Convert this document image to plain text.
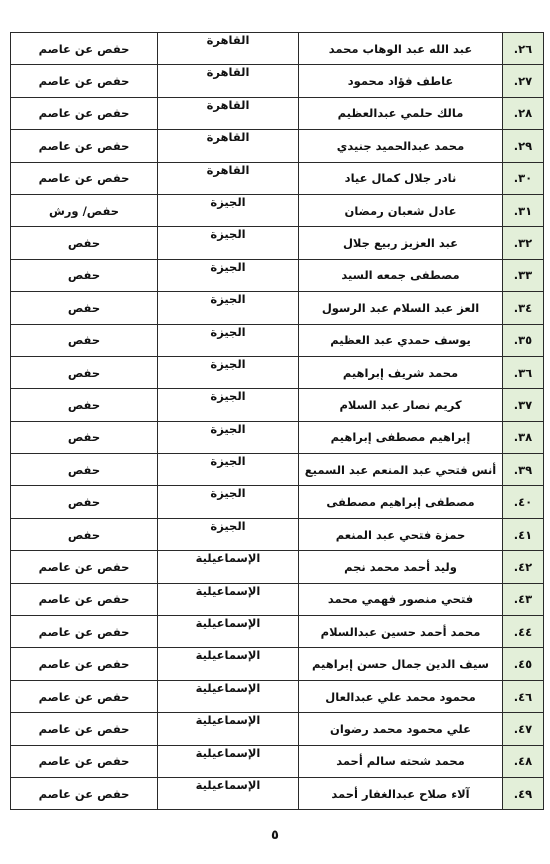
٢٦.	عبد الله عبد الوهاب محمد	القاهرة	حفص عن عاصم
٢٧.	عاطف فؤاد محمود	القاهرة	حفص عن عاصم
٢٨.	مالك حلمي عبدالعظيم	القاهرة	حفص عن عاصم
٢٩.	محمد عبدالحميد جنيدي	القاهرة	حفص عن عاصم
٣٠.	نادر جلال كمال عياد	القاهرة	حفص عن عاصم
٣١.	عادل شعبان رمضان	الجيزة	حفص/ ورش
٣٢.	عبد العزيز ربيع جلال	الجيزة	حفص
٣٣.	مصطفى جمعه السيد	الجيزة	حفص
٣٤.	العز عبد السلام عبد الرسول	الجيزة	حفص
٣٥.	يوسف حمدي عبد العظيم	الجيزة	حفص
٣٦.	محمد شريف إبراهيم	الجيزة	حفص
٣٧.	كريم نصار عبد السلام	الجيزة	حفص
٣٨.	إبراهيم مصطفى إبراهيم	الجيزة	حفص
٣٩.	أنس فتحي عبد المنعم عبد السميع	الجيزة	حفص
٤٠.	مصطفى إبراهيم مصطفى	الجيزة	حفص
٤١.	حمزة فتحي عبد المنعم	الجيزة	حفص
٤٢.	وليد أحمد محمد نجم	الإسماعيلية	حفص عن عاصم
٤٣.	فتحي منصور فهمي محمد	الإسماعيلية	حفص عن عاصم
٤٤.	محمد أحمد حسين عبدالسلام	الإسماعيلية	حفص عن عاصم
٤٥.	سيف الدين جمال حسن إبراهيم	الإسماعيلية	حفص عن عاصم
٤٦.	محمود محمد علي عبدالعال	الإسماعيلية	حفص عن عاصم
٤٧.	علي محمود محمد رضوان	الإسماعيلية	حفص عن عاصم
٤٨.	محمد شحته سالم أحمد	الإسماعيلية	حفص عن عاصم
٤٩.	آلاء صلاح عبدالغفار أحمد	الإسماعيلية	حفص عن عاصم
٥
